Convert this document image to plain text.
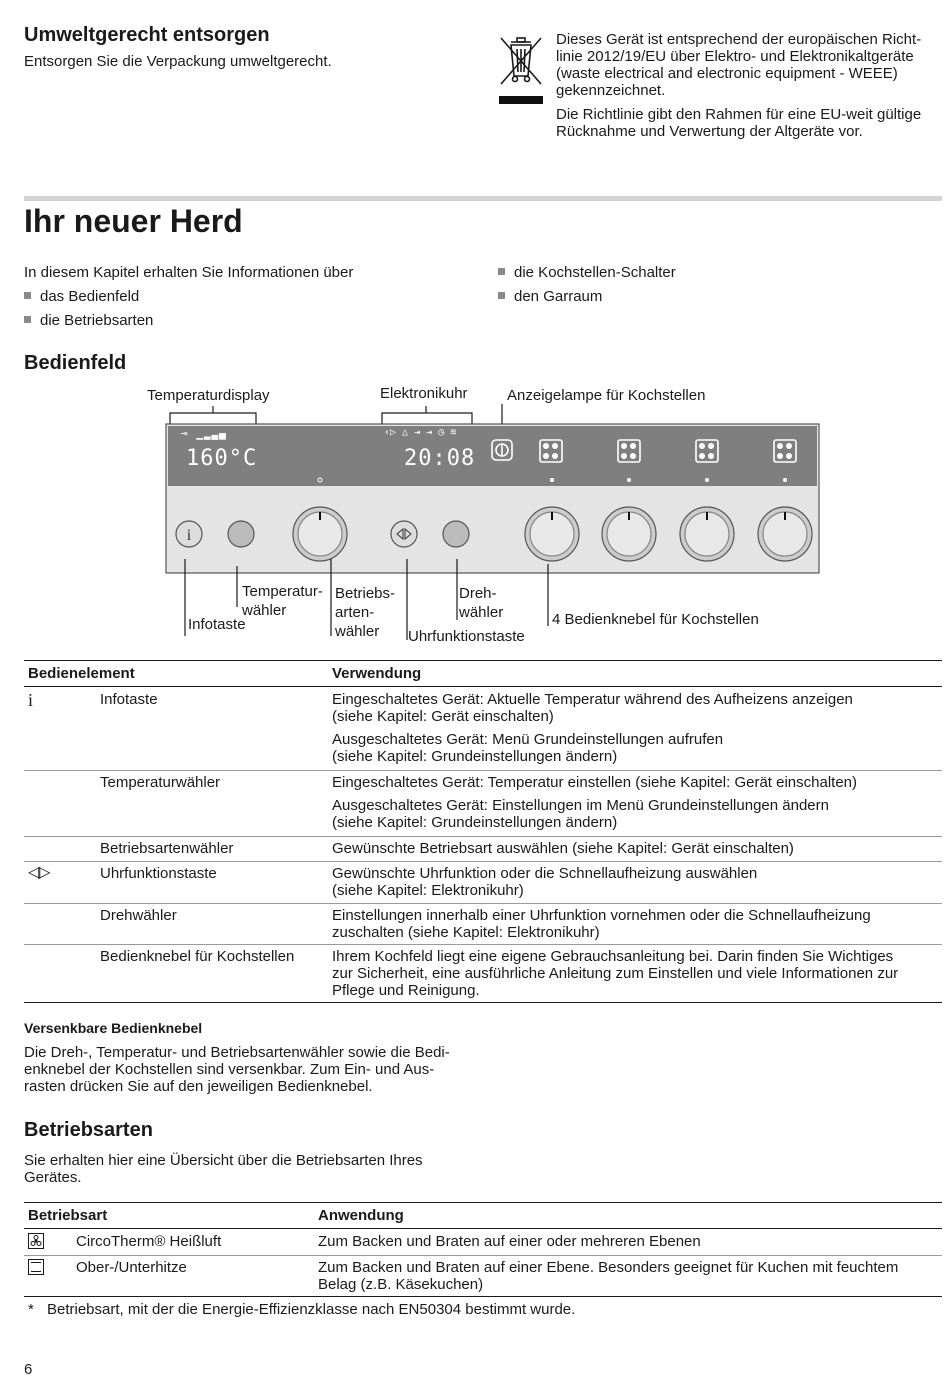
Umweltgerecht entsorgen
Entsorgen Sie die Verpackung umweltgerecht.
Dieses Gerät ist entsprechend der europäischen Richt-
linie 2012/19/EU über Elektro- und Elektronikaltgeräte
(waste electrical and electronic equipment - WEEE)
gekennzeichnet.
Die Richtlinie gibt den Rahmen für eine EU-weit gültige
Rücknahme und Verwertung der Altgeräte vor.
Ihr neuer Herd
In diesem Kapitel erhalten Sie Informationen über
das Bedienfeld
die Betriebsarten
die Kochstellen-Schalter
den Garraum
Bedienfeld
Temperaturdisplay	Elektronikuhr	Anzeigelampe für Kochstellen
i
⊸ ▁▂▃▄
160°C
‹▷ △ ⇥ ⇥ ◷ ≋
20:08
Temperatur-
wähler
Infotaste
Betriebs-
arten-
wähler
Dreh-
wähler
Uhrfunktionstaste
4 Bedienknebel für Kochstellen
Bedienelement	Verwendung
i	Infotaste	Eingeschaltetes Gerät: Aktuelle Temperatur während des Aufheizens anzeigen
(siehe Kapitel: Gerät einschalten)
Ausgeschaltetes Gerät: Menü Grundeinstellungen aufrufen
(siehe Kapitel: Grundeinstellungen ändern)
Temperaturwähler	Eingeschaltetes Gerät: Temperatur einstellen (siehe Kapitel: Gerät einschalten)
Ausgeschaltetes Gerät: Einstellungen im Menü Grundeinstellungen ändern
(siehe Kapitel: Grundeinstellungen ändern)
Betriebsartenwähler	Gewünschte Betriebsart auswählen (siehe Kapitel: Gerät einschalten)
◁▷	Uhrfunktionstaste	Gewünschte Uhrfunktion oder die Schnellaufheizung auswählen
(siehe Kapitel: Elektronikuhr)
Drehwähler	Einstellungen innerhalb einer Uhrfunktion vornehmen oder die Schnellaufheizung
zuschalten (siehe Kapitel: Elektronikuhr)
Bedienknebel für Kochstellen	Ihrem Kochfeld liegt eine eigene Gebrauchsanleitung bei. Darin finden Sie Wichtiges
zur Sicherheit, eine ausführliche Anleitung zum Einstellen und viele Informationen zur
Pflege und Reinigung.
Versenkbare Bedienknebel
Die Dreh-, Temperatur- und Betriebsartenwähler sowie die Bedi-
enknebel der Kochstellen sind versenkbar. Zum Ein- und Aus-
rasten drücken Sie auf den jeweiligen Bedienknebel.
Betriebsarten
Sie erhalten hier eine Übersicht über die Betriebsarten Ihres
Gerätes.
Betriebsart	Anwendung
CircoTherm® Heißluft	Zum Backen und Braten auf einer oder mehreren Ebenen
Ober-/Unterhitze	Zum Backen und Braten auf einer Ebene. Besonders geeignet für Kuchen mit feuchtem
Belag (z.B. Käsekuchen)
* Betriebsart, mit der die Energie-Effizienzklasse nach EN50304 bestimmt wurde.
6
